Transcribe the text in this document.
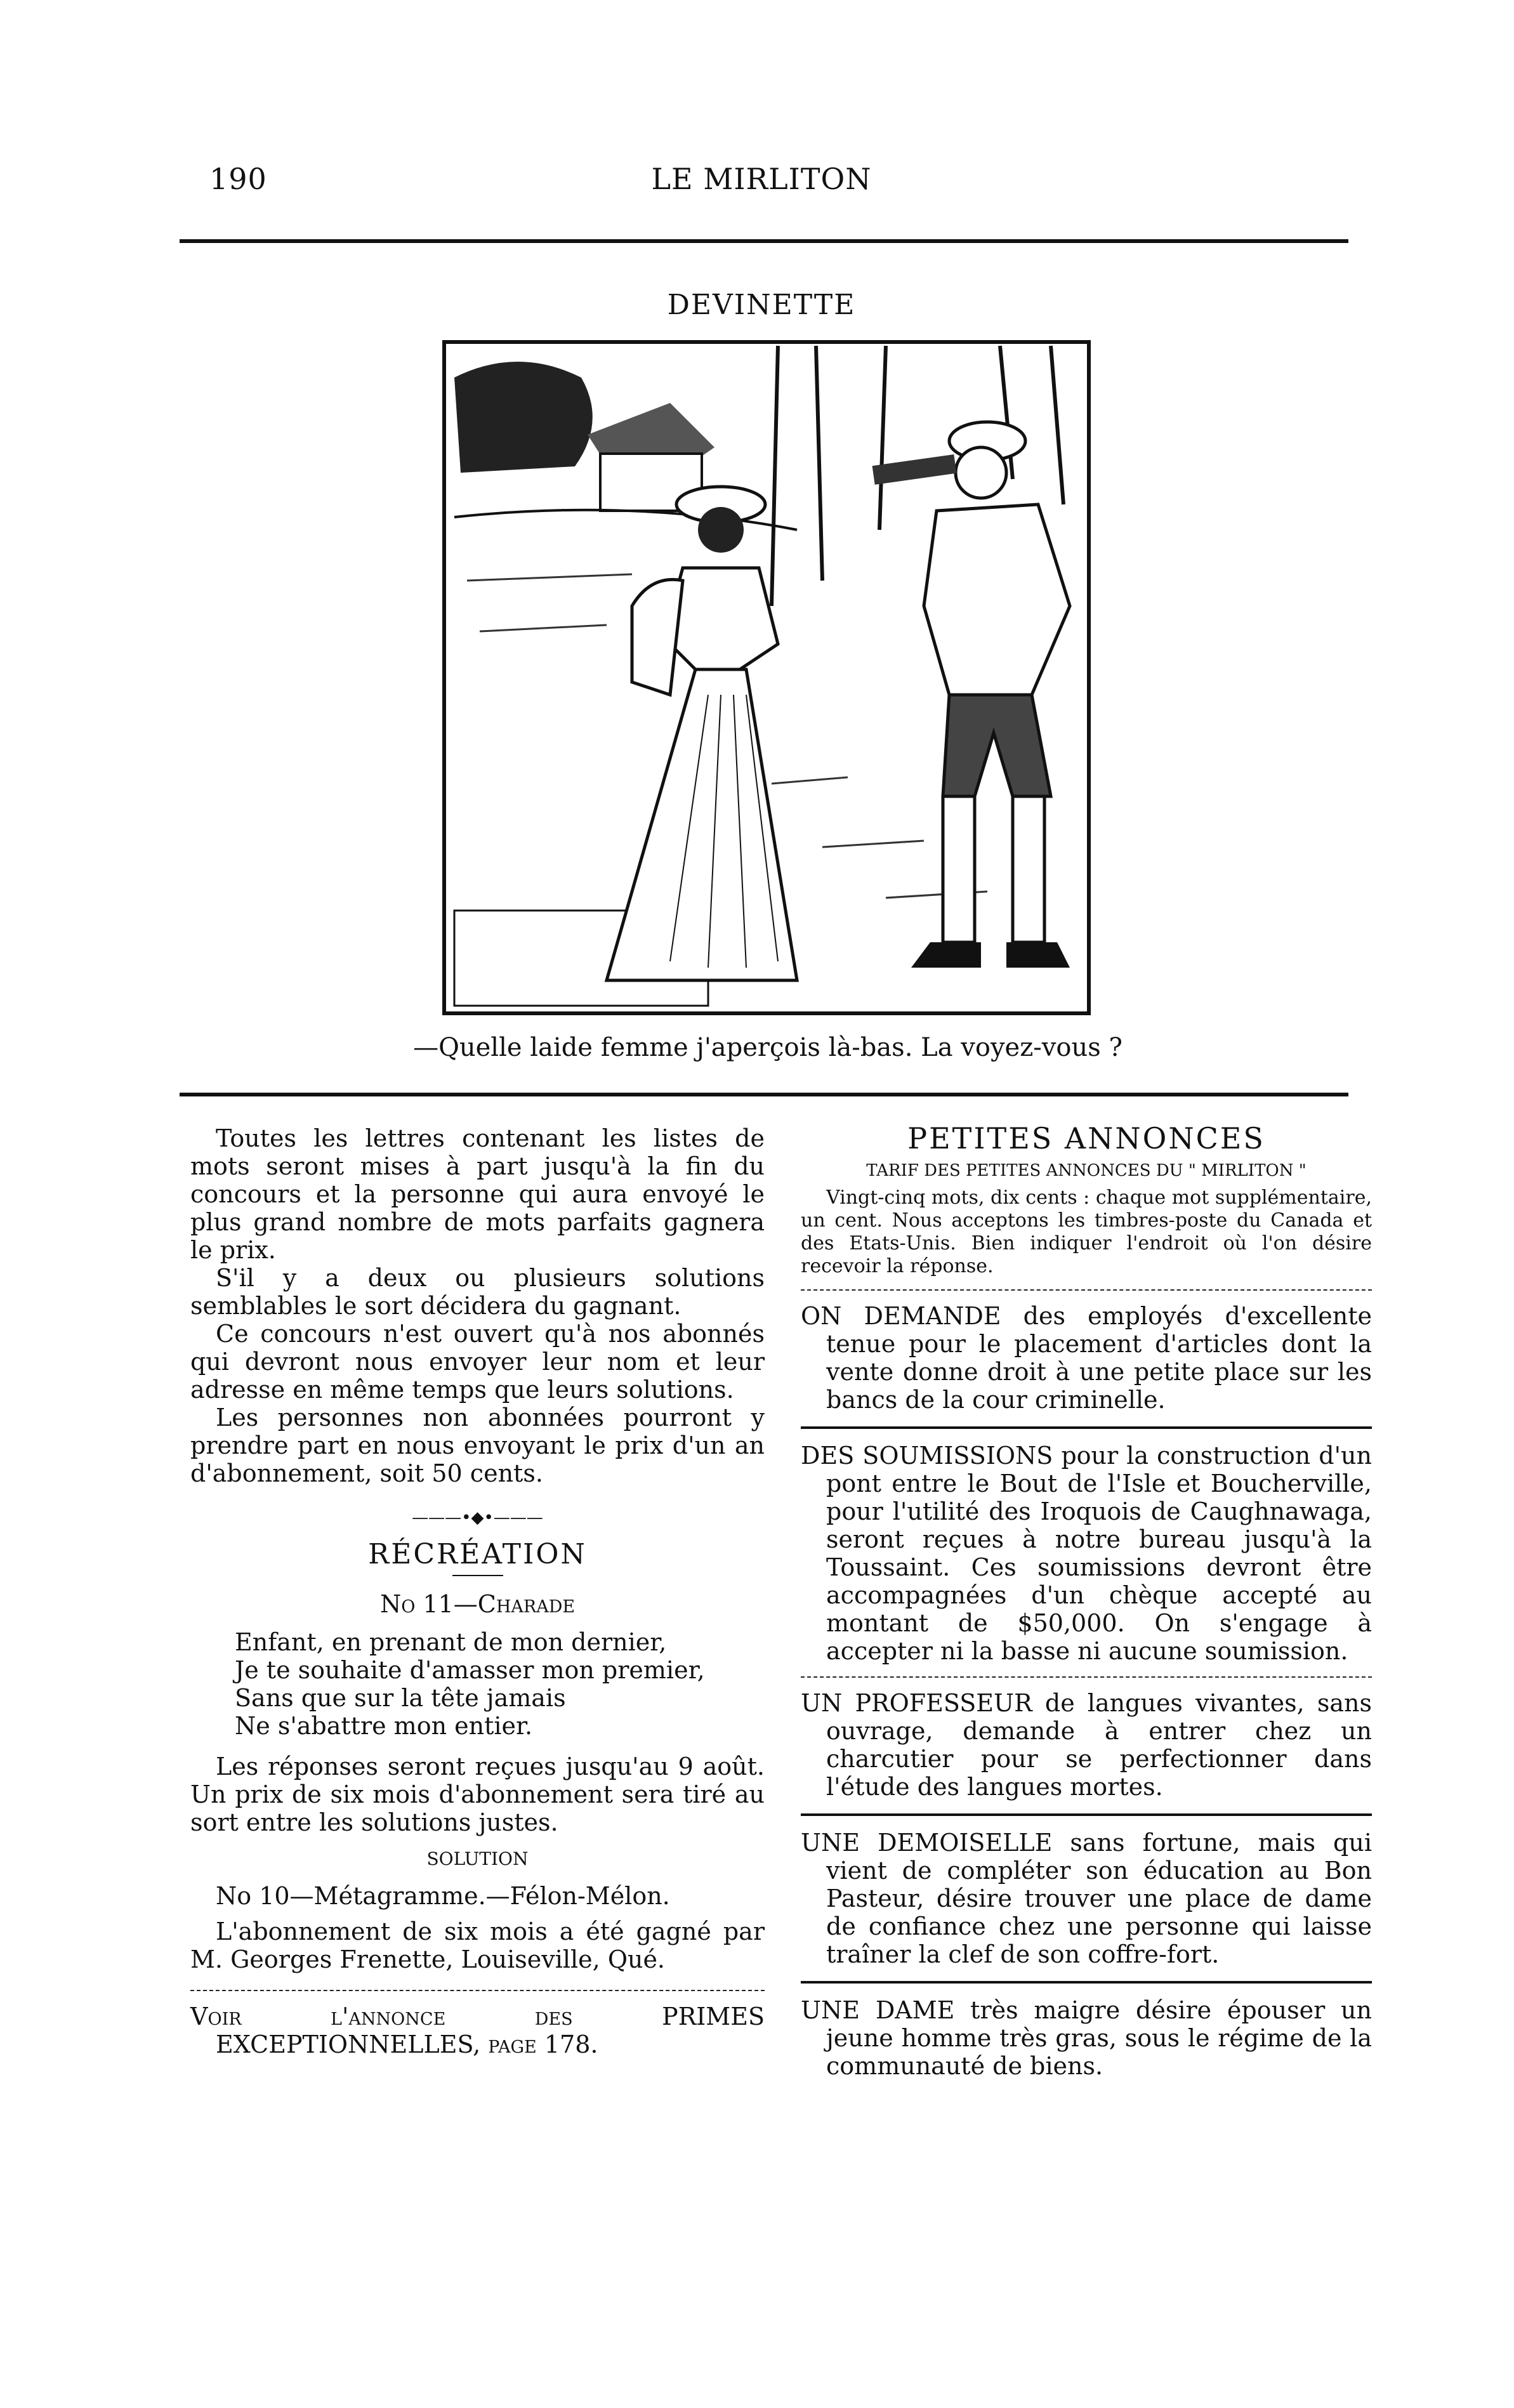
190	LE MIRLITON
DEVINETTE
—Quelle laide femme j'aperçois là-bas. La voyez-vous ?

Toutes les lettres contenant les listes de mots seront mises à part jusqu'à la fin du concours et la personne qui aura envoyé le plus grand nombre de mots parfaits gagnera le prix.

S'il y a deux ou plusieurs solutions semblables le sort décidera du gagnant.

Ce concours n'est ouvert qu'à nos abonnés qui devront nous envoyer leur nom et leur adresse en même temps que leurs solutions.

Les personnes non abonnées pourront y prendre part en nous envoyant le prix d'un an d'abonnement, soit 50 cents.

———•◆•———
RÉCRÉATION
No 11—Charade
Enfant, en prenant de mon dernier,
Je te souhaite d'amasser mon premier,
Sans que sur la tête jamais
Ne s'abattre mon entier.

Les réponses seront reçues jusqu'au 9 août. Un prix de six mois d'abonnement sera tiré au sort entre les solutions justes.

SOLUTION

No 10—Métagramme.—Félon-Mélon.

L'abonnement de six mois a été gagné par M. Georges Frenette, Louiseville, Qué.

Voir l'annonce des PRIMES EXCEPTIONNELLES, page 178.

PETITES ANNONCES
TARIF DES PETITES ANNONCES DU " MIRLITON "

Vingt-cinq mots, dix cents : chaque mot supplémentaire, un cent. Nous acceptons les timbres-poste du Canada et des Etats-Unis. Bien indiquer l'endroit où l'on désire recevoir la réponse.

ON DEMANDE des employés d'excellente tenue pour le placement d'articles dont la vente donne droit à une petite place sur les bancs de la cour criminelle.

DES SOUMISSIONS pour la construction d'un pont entre le Bout de l'Isle et Boucherville, pour l'utilité des Iroquois de Caughnawaga, seront reçues à notre bureau jusqu'à la Toussaint. Ces soumissions devront être accompagnées d'un chèque accepté au montant de $50,000. On s'engage à accepter ni la basse ni aucune soumission.

UN PROFESSEUR de langues vivantes, sans ouvrage, demande à entrer chez un charcutier pour se perfectionner dans l'étude des langues mortes.

UNE DEMOISELLE sans fortune, mais qui vient de compléter son éducation au Bon Pasteur, désire trouver une place de dame de confiance chez une personne qui laisse traîner la clef de son coffre-fort.

UNE DAME très maigre désire épouser un jeune homme très gras, sous le régime de la communauté de biens.
